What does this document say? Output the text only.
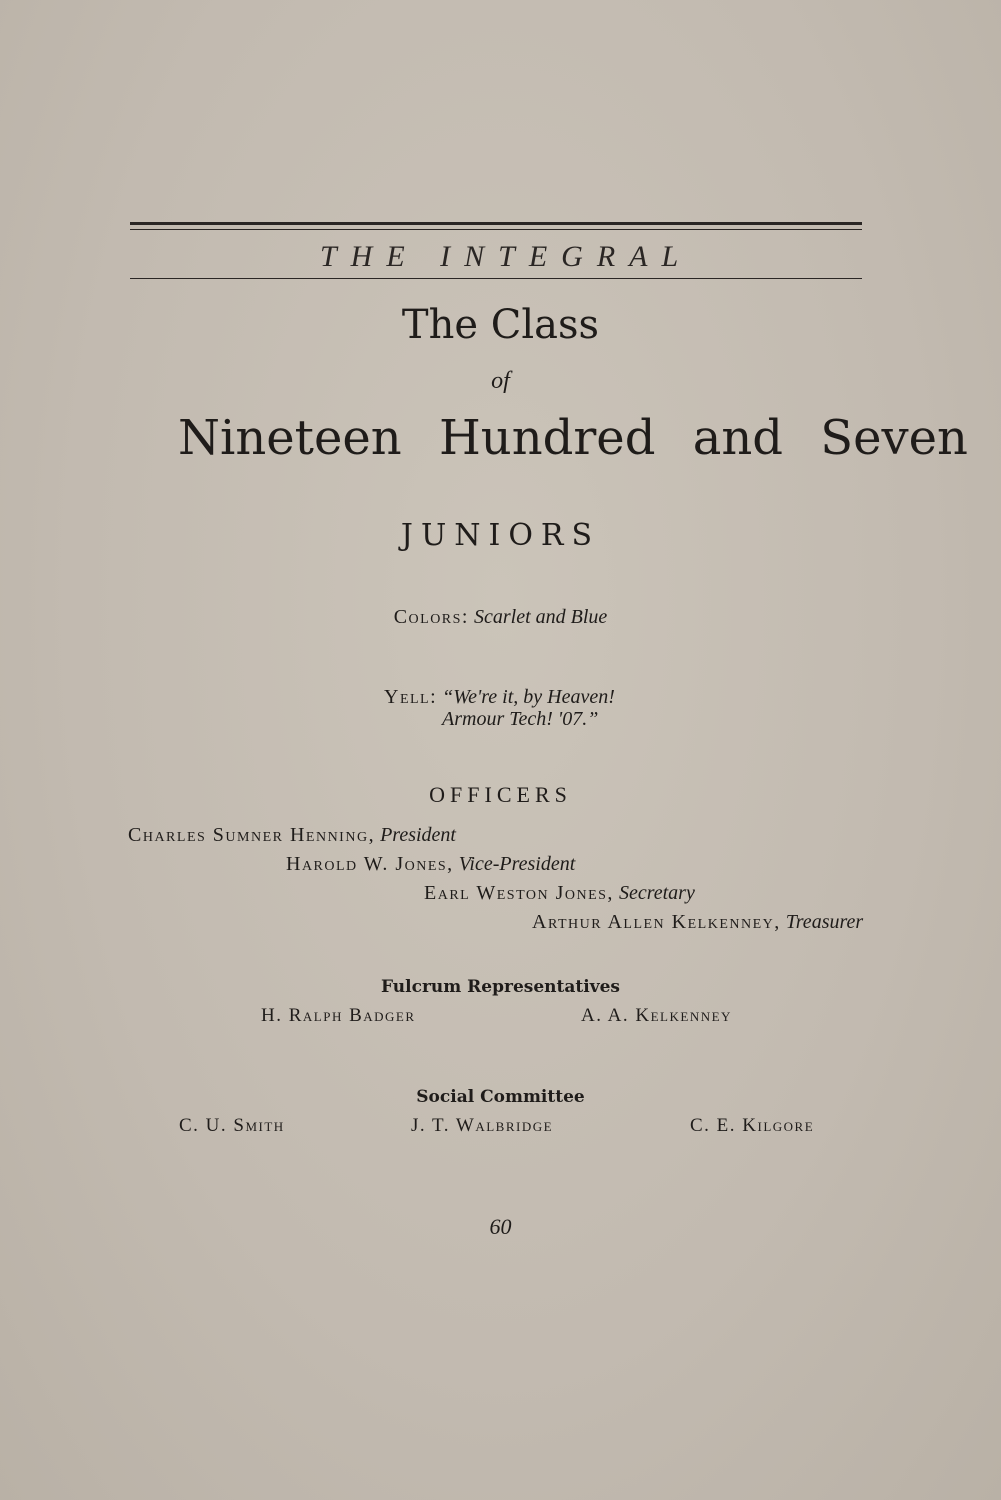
THE INTEGRAL
The Class
of
Nineteen Hundred and Seven
JUNIORS
Colors: Scarlet and Blue
Yell: “We're it, by Heaven!
Armour Tech! '07.”
OFFICERS
Charles Sumner Henning, President
Harold W. Jones, Vice-President
Earl Weston Jones, Secretary
Arthur Allen Kelkenney, Treasurer
Fulcrum Representatives
H. Ralph Badger	A. A. Kelkenney
Social Committee
C. U. Smith	J. T. Walbridge	C. E. Kilgore
60
